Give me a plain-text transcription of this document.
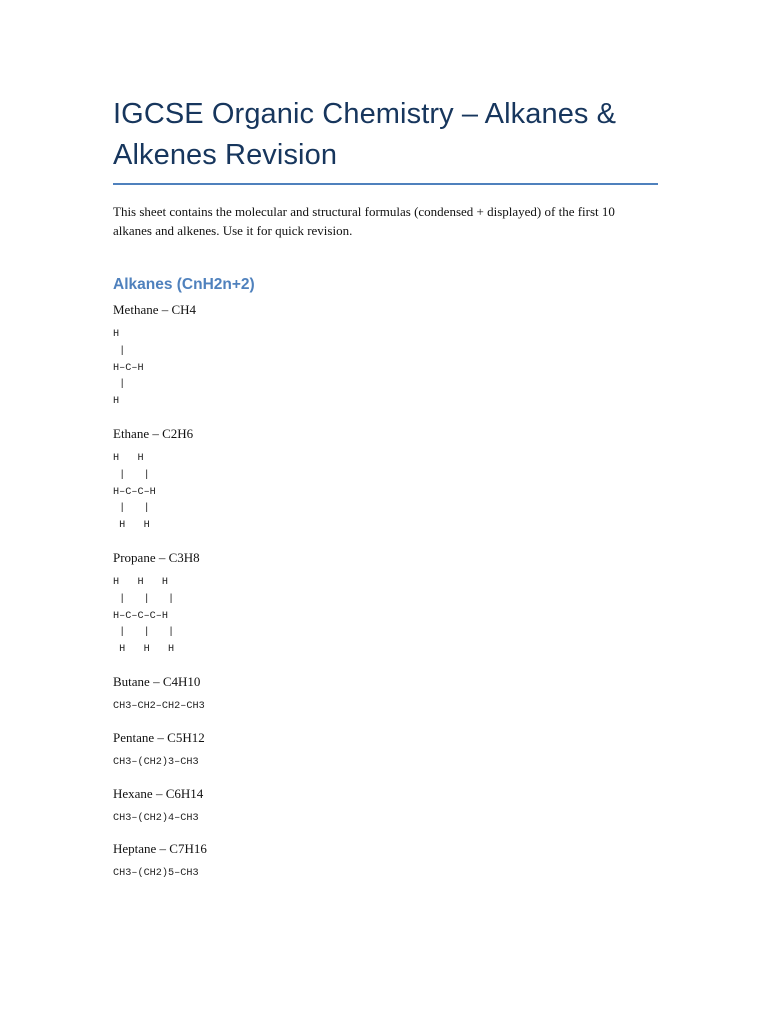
IGCSE Organic Chemistry – Alkanes & Alkenes Revision

This sheet contains the molecular and structural formulas (condensed + displayed) of the first 10 alkanes and alkenes. Use it for quick revision.

Alkanes (CnH2n+2)

Methane – CH4

H
|
H–C–H
|
H

Ethane – C2H6

H   H
|   |
H–C–C–H
|   |
H   H

Propane – C3H8

H   H   H
|   |   |
H–C–C–C–H
|   |   |
H   H   H

Butane – C4H10

CH3–CH2–CH2–CH3

Pentane – C5H12

CH3–(CH2)3–CH3

Hexane – C6H14

CH3–(CH2)4–CH3

Heptane – C7H16

CH3–(CH2)5–CH3
